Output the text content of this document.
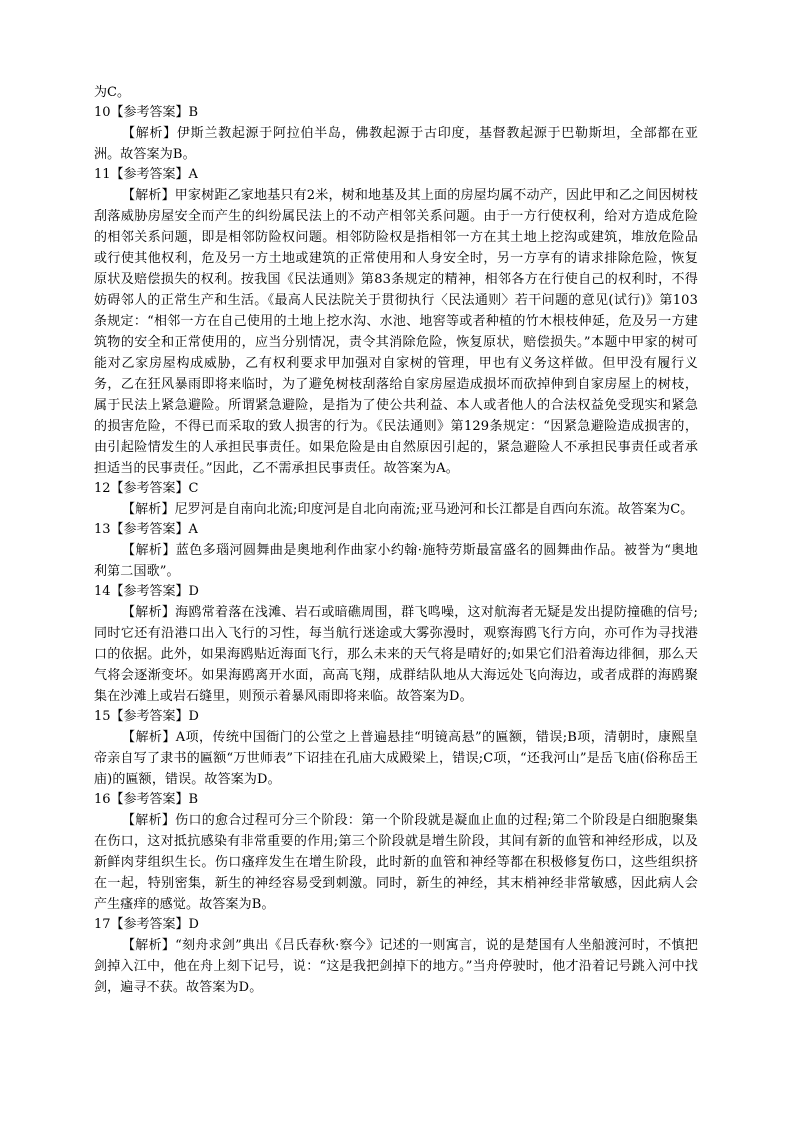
为C。

10【参考答案】B

【解析】伊斯兰教起源于阿拉伯半岛，佛教起源于古印度，基督教起源于巴勒斯坦，全部都在亚洲。故答案为B。

11【参考答案】A

【解析】甲家树距乙家地基只有2米，树和地基及其上面的房屋均属不动产，因此甲和乙之间因树枝刮落威胁房屋安全而产生的纠纷属民法上的不动产相邻关系问题。由于一方行使权利，给对方造成危险的相邻关系问题，即是相邻防险权问题。相邻防险权是指相邻一方在其土地上挖沟或建筑，堆放危险品或行使其他权利，危及另一方土地或建筑的正常使用和人身安全时，另一方享有的请求排除危险，恢复原状及赔偿损失的权利。按我国《民法通则》第83条规定的精神，相邻各方在行使自己的权利时，不得妨碍邻人的正常生产和生活。《最高人民法院关于贯彻执行〈民法通则〉若干问题的意见(试行)》第103条规定：“相邻一方在自己使用的土地上挖水沟、水池、地窖等或者种植的竹木根枝伸延，危及另一方建筑物的安全和正常使用的，应当分别情况，责令其消除危险，恢复原状，赔偿损失。”本题中甲家的树可能对乙家房屋构成威胁，乙有权利要求甲加强对自家树的管理，甲也有义务这样做。但甲没有履行义务，乙在狂风暴雨即将来临时，为了避免树枝刮落给自家房屋造成损坏而砍掉伸到自家房屋上的树枝，属于民法上紧急避险。所谓紧急避险，是指为了使公共利益、本人或者他人的合法权益免受现实和紧急的损害危险，不得已而采取的致人损害的行为。《民法通则》第129条规定：“因紧急避险造成损害的，由引起险情发生的人承担民事责任。如果危险是由自然原因引起的，紧急避险人不承担民事责任或者承担适当的民事责任。”因此，乙不需承担民事责任。故答案为A。

12【参考答案】C

【解析】尼罗河是自南向北流;印度河是自北向南流;亚马逊河和长江都是自西向东流。故答案为C。

13【参考答案】A

【解析】蓝色多瑙河圆舞曲是奥地利作曲家小约翰·施特劳斯最富盛名的圆舞曲作品。被誉为“奥地利第二国歌”。

14【参考答案】D

【解析】海鸥常着落在浅滩、岩石或暗礁周围，群飞鸣噪，这对航海者无疑是发出提防撞礁的信号;同时它还有沿港口出入飞行的习性，每当航行迷途或大雾弥漫时，观察海鸥飞行方向，亦可作为寻找港口的依据。此外，如果海鸥贴近海面飞行，那么未来的天气将是晴好的;如果它们沿着海边徘徊，那么天气将会逐渐变坏。如果海鸥离开水面，高高飞翔，成群结队地从大海远处飞向海边，或者成群的海鸥聚集在沙滩上或岩石缝里，则预示着暴风雨即将来临。故答案为D。

15【参考答案】D

【解析】A项，传统中国衙门的公堂之上普遍悬挂“明镜高悬”的匾额，错误;B项，清朝时，康熙皇帝亲自写了隶书的匾额“万世师表”下诏挂在孔庙大成殿梁上，错误;C项，“还我河山”是岳飞庙(俗称岳王庙)的匾额，错误。故答案为D。

16【参考答案】B

【解析】伤口的愈合过程可分三个阶段：第一个阶段就是凝血止血的过程;第二个阶段是白细胞聚集在伤口，这对抵抗感染有非常重要的作用;第三个阶段就是增生阶段，其间有新的血管和神经形成，以及新鲜肉芽组织生长。伤口瘙痒发生在增生阶段，此时新的血管和神经等都在积极修复伤口，这些组织挤在一起，特别密集，新生的神经容易受到刺激。同时，新生的神经，其末梢神经非常敏感，因此病人会产生瘙痒的感觉。故答案为B。

17【参考答案】D

【解析】“刻舟求剑”典出《吕氏春秋·察今》记述的一则寓言，说的是楚国有人坐船渡河时，不慎把剑掉入江中，他在舟上刻下记号，说：“这是我把剑掉下的地方。”当舟停驶时，他才沿着记号跳入河中找剑，遍寻不获。故答案为D。
